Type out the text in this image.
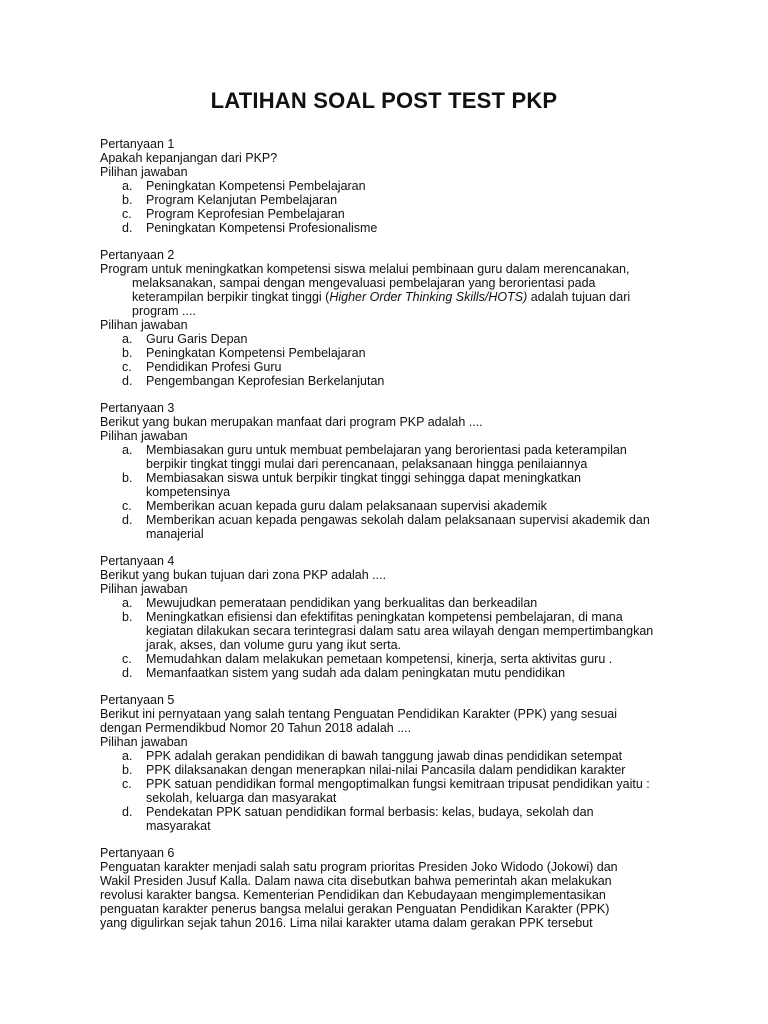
LATIHAN SOAL POST TEST PKP
Pertanyaan 1
Apakah kepanjangan dari PKP?
Pilihan jawaban
a. Peningkatan Kompetensi Pembelajaran
b. Program Kelanjutan Pembelajaran
c. Program Keprofesian Pembelajaran
d. Peningkatan Kompetensi Profesionalisme
Pertanyaan 2
Program untuk meningkatkan kompetensi siswa melalui pembinaan guru dalam merencanakan,
melaksanakan, sampai dengan mengevaluasi pembelajaran yang berorientasi pada
keterampilan berpikir tingkat tinggi (Higher Order Thinking Skills/HOTS) adalah tujuan dari
program ....
Pilihan jawaban
a. Guru Garis Depan
b. Peningkatan Kompetensi Pembelajaran
c. Pendidikan Profesi Guru
d. Pengembangan Keprofesian Berkelanjutan
Pertanyaan 3
Berikut yang bukan merupakan manfaat dari program PKP adalah ....
Pilihan jawaban
a. Membiasakan guru untuk membuat pembelajaran yang berorientasi pada keterampilan
berpikir tingkat tinggi mulai dari perencanaan, pelaksanaan hingga penilaiannya
b. Membiasakan siswa untuk berpikir tingkat tinggi sehingga dapat meningkatkan
kompetensinya
c. Memberikan acuan kepada guru dalam pelaksanaan supervisi akademik
d. Memberikan acuan kepada pengawas sekolah dalam pelaksanaan supervisi akademik dan
manajerial
Pertanyaan 4
Berikut yang bukan tujuan dari zona PKP adalah ....
Pilihan jawaban
a. Mewujudkan pemerataan pendidikan yang berkualitas dan berkeadilan
b. Meningkatkan efisiensi dan efektifitas peningkatan kompetensi pembelajaran, di mana
kegiatan dilakukan secara terintegrasi dalam satu area wilayah dengan mempertimbangkan
jarak, akses, dan volume guru yang ikut serta.
c. Memudahkan dalam melakukan pemetaan kompetensi, kinerja, serta aktivitas guru .
d. Memanfaatkan sistem yang sudah ada dalam peningkatan mutu pendidikan
Pertanyaan 5
Berikut ini pernyataan yang salah tentang Penguatan Pendidikan Karakter (PPK) yang sesuai
dengan Permendikbud Nomor 20 Tahun 2018 adalah ....
Pilihan jawaban
a. PPK adalah gerakan pendidikan di bawah tanggung jawab dinas pendidikan setempat
b. PPK dilaksanakan dengan menerapkan nilai-nilai Pancasila dalam pendidikan karakter
c. PPK satuan pendidikan formal mengoptimalkan fungsi kemitraan tripusat pendidikan yaitu :
sekolah, keluarga dan masyarakat
d. Pendekatan PPK satuan pendidikan formal berbasis: kelas, budaya, sekolah dan
masyarakat
Pertanyaan 6
Penguatan karakter menjadi salah satu program prioritas Presiden Joko Widodo (Jokowi) dan
Wakil Presiden Jusuf Kalla. Dalam nawa cita disebutkan bahwa pemerintah akan melakukan
revolusi karakter bangsa. Kementerian Pendidikan dan Kebudayaan mengimplementasikan
penguatan karakter penerus bangsa melalui gerakan Penguatan Pendidikan Karakter (PPK)
yang digulirkan sejak tahun 2016. Lima nilai karakter utama dalam gerakan PPK tersebut
